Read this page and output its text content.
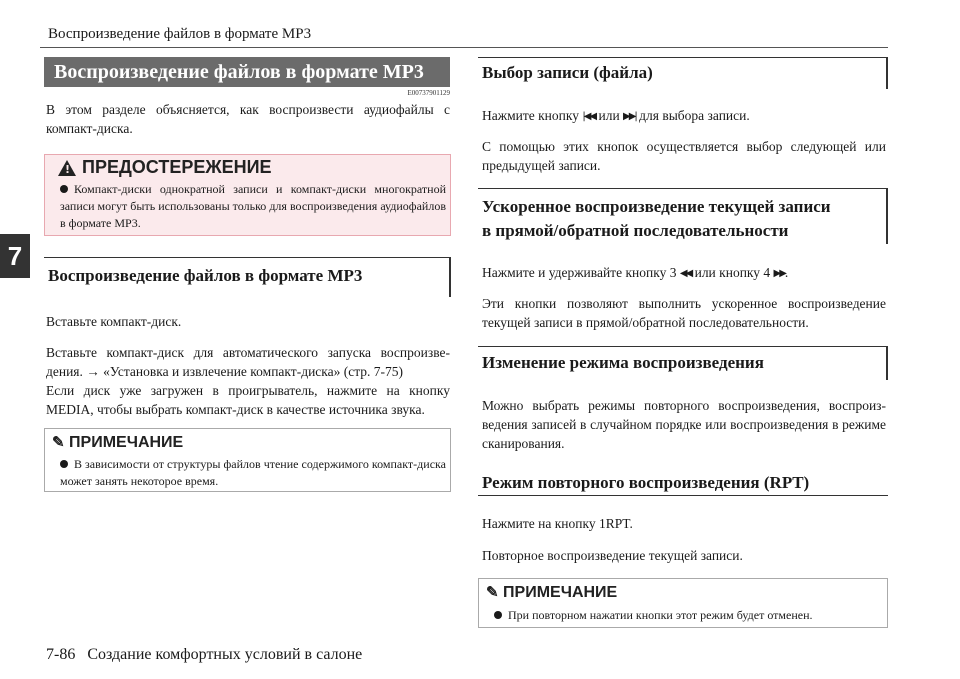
Воспроизведение файлов в формате MP3
7
Воспроизведение файлов в формате MP3
E00737901129
В этом разделе объясняется, как воспроизвести аудиофайлы с компакт-диска.
!ПРЕДОСТЕРЕЖЕНИЕ
Компакт-диски однократной записи и компакт-диски многократной записи могут быть использованы только для воспроизведения аудиофайлов в формате MP3.
Воспроизведение файлов в формате MP3
Вставьте компакт-диск.
Вставьте компакт-диск для автоматического запуска воспроизве-дения. → «Установка и извлечение компакт-диска» (стр. 7-75)
Если диск уже загружен в проигрыватель, нажмите на кнопку MEDIA, чтобы выбрать компакт-диск в качестве источника звука.
✎ ПРИМЕЧАНИЕ
В зависимости от структуры файлов чтение содержимого компакт-диска может занять некоторое время.
Выбор записи (файла)
Нажмите кнопку |◀◀ или ▶▶| для выбора записи.
С помощью этих кнопок осуществляется выбор следующей или предыдущей записи.
Ускоренное воспроизведение текущей записи
в прямой/обратной последовательности
Нажмите и удерживайте кнопку 3 ◀◀ или кнопку 4 ▶▶.
Эти кнопки позволяют выполнить ускоренное воспроизведение текущей записи в прямой/обратной последовательности.
Изменение режима воспроизведения
Можно выбрать режимы повторного воспроизведения, воспроиз-ведения записей в случайном порядке или воспроизведения в режиме сканирования.
Режим повторного воспроизведения (RPT)
Нажмите на кнопку 1RPT.
Повторное воспроизведение текущей записи.
✎ ПРИМЕЧАНИЕ
При повторном нажатии кнопки этот режим будет отменен.
7-86 Создание комфортных условий в салоне
